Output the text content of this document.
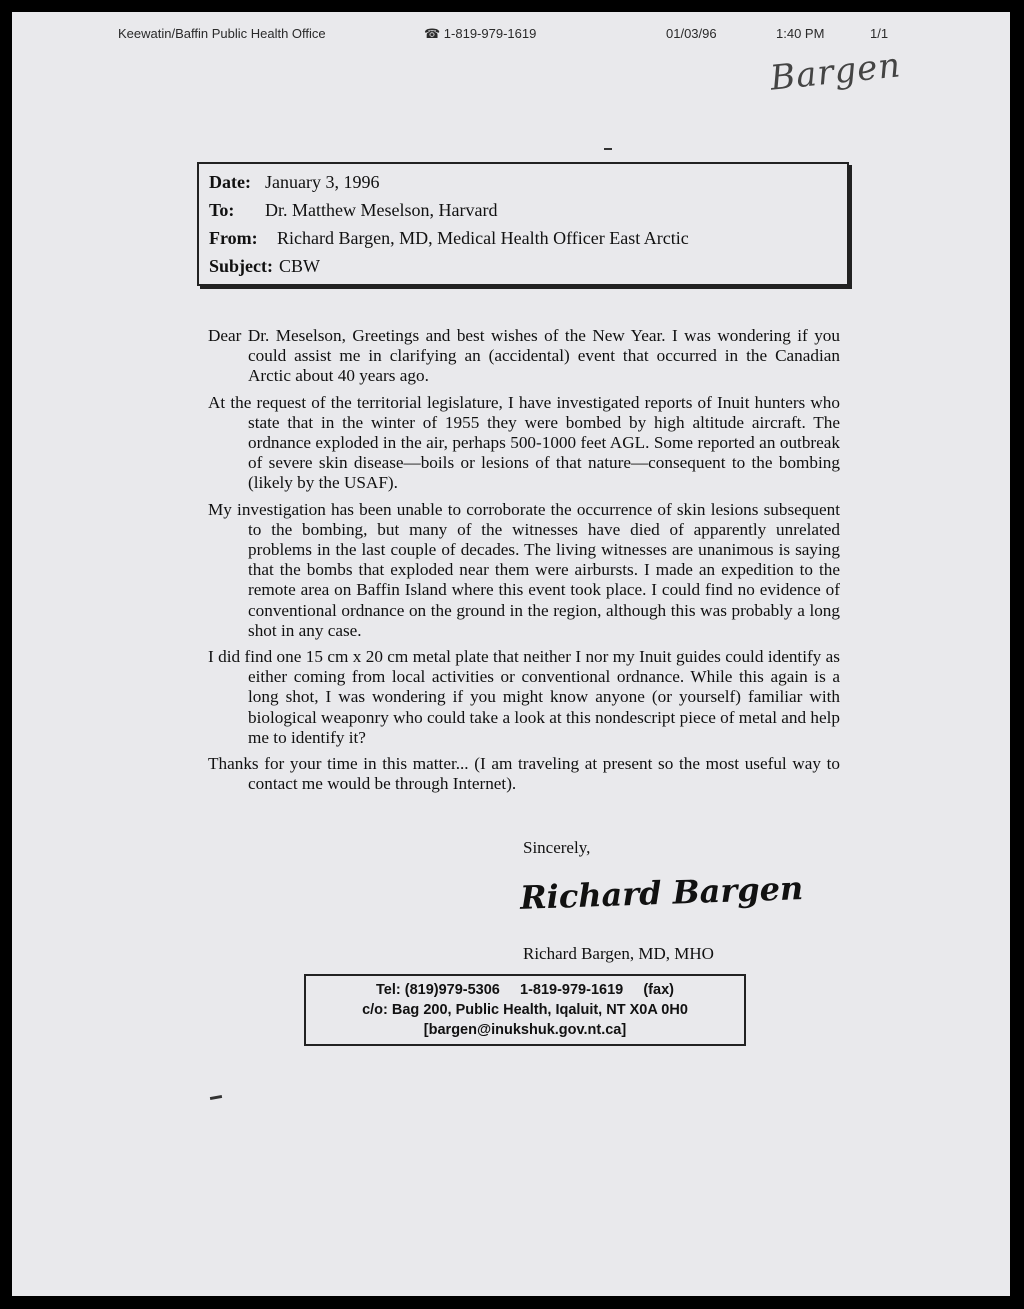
Keewatin/Baffin Public Health Office	☎ 1-819-979-1619	01/03/96	1:40 PM	1/1
Bargen
Date: January 3, 1996
To: Dr. Matthew Meselson, Harvard
From: Richard Bargen, MD, Medical Health Officer East Arctic
Subject: CBW

Dear Dr. Meselson, Greetings and best wishes of the New Year. I was wondering if you could assist me in clarifying an (accidental) event that occurred in the Canadian Arctic about 40 years ago.

At the request of the territorial legislature, I have investigated reports of Inuit hunters who state that in the winter of 1955 they were bombed by high altitude aircraft. The ordnance exploded in the air, perhaps 500-1000 feet AGL. Some reported an outbreak of severe skin disease—boils or lesions of that nature—consequent to the bombing (likely by the USAF).

My investigation has been unable to corroborate the occurrence of skin lesions subsequent to the bombing, but many of the witnesses have died of apparently unrelated problems in the last couple of decades. The living witnesses are unanimous is saying that the bombs that exploded near them were airbursts. I made an expedition to the remote area on Baffin Island where this event took place. I could find no evidence of conventional ordnance on the ground in the region, although this was probably a long shot in any case.

I did find one 15 cm x 20 cm metal plate that neither I nor my Inuit guides could identify as either coming from local activities or conventional ordnance. While this again is a long shot, I was wondering if you might know anyone (or yourself) familiar with biological weaponry who could take a look at this nondescript piece of metal and help me to identify it?

Thanks for your time in this matter... (I am traveling at present so the most useful way to contact me would be through Internet).

Sincerely,
Richard Bargen
Richard Bargen, MD, MHO
Tel: (819)979-5306     1-819-979-1619     (fax)
c/o: Bag 200, Public Health, Iqaluit, NT X0A 0H0
[bargen@inukshuk.gov.nt.ca]
